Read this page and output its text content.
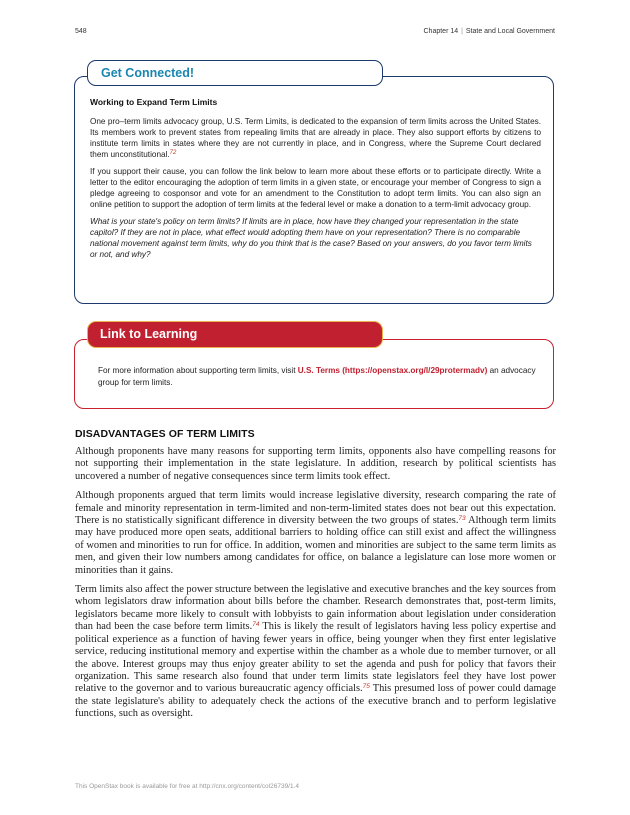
548	Chapter 14 | State and Local Government
Get Connected!
Working to Expand Term Limits

One pro–term limits advocacy group, U.S. Term Limits, is dedicated to the expansion of term limits across the United States. Its members work to prevent states from repealing limits that are already in place. They also support efforts by citizens to institute term limits in states where they are not currently in place, and in Congress, where the Supreme Court declared them unconstitutional.$^{72}$

If you support their cause, you can follow the link below to learn more about these efforts or to participate directly. Write a letter to the editor encouraging the adoption of term limits in a given state, or encourage your member of Congress to sign a pledge agreeing to cosponsor and vote for an amendment to the Constitution to adopt term limits. You can also sign an online petition to support the adoption of term limits at the federal level or make a donation to a term-limit advocacy group.

What is your state's policy on term limits? If limits are in place, how have they changed your representation in the state capitol? If they are not in place, what effect would adopting them have on your representation? There is no comparable national movement against term limits, why do you think that is the case? Based on your answers, do you favor term limits or not, and why?

Link to Learning
For more information about supporting term limits, visit U.S. Terms (https://openstax.org/l/29protermadv) an advocacy group for term limits.
DISADVANTAGES OF TERM LIMITS

Although proponents have many reasons for supporting term limits, opponents also have compelling reasons for not supporting their implementation in the state legislature. In addition, research by political scientists has uncovered a number of negative consequences since term limits took effect.

Although proponents argued that term limits would increase legislative diversity, research comparing the rate of female and minority representation in term-limited and non-term-limited states does not bear out this expectation. There is no statistically significant difference in diversity between the two groups of states.$^{73}$ Although term limits may have produced more open seats, additional barriers to holding office can still exist and affect the willingness of women and minorities to run for office. In addition, women and minorities are subject to the same term limits as men, and given their low numbers among candidates for office, on balance a legislature can lose more women or minorities than it gains.

Term limits also affect the power structure between the legislative and executive branches and the key sources from whom legislators draw information about bills before the chamber. Research demonstrates that, post-term limits, legislators became more likely to consult with lobbyists to gain information about legislation under consideration than had been the case before term limits.$^{74}$ This is likely the result of legislators having less policy expertise and political experience as a function of having fewer years in office, being younger when they first enter legislative service, reducing institutional memory and expertise within the chamber as a whole due to member turnover, or all the above. Interest groups may thus enjoy greater ability to set the agenda and push for policy that favors their organization. This same research also found that under term limits state legislators feel they have lost power relative to the governor and to various bureaucratic agency officials.$^{75}$ This presumed loss of power could damage the state legislature's ability to adequately check the actions of the executive branch and to perform legislative functions, such as oversight.

This OpenStax book is available for free at http://cnx.org/content/col26739/1.4
